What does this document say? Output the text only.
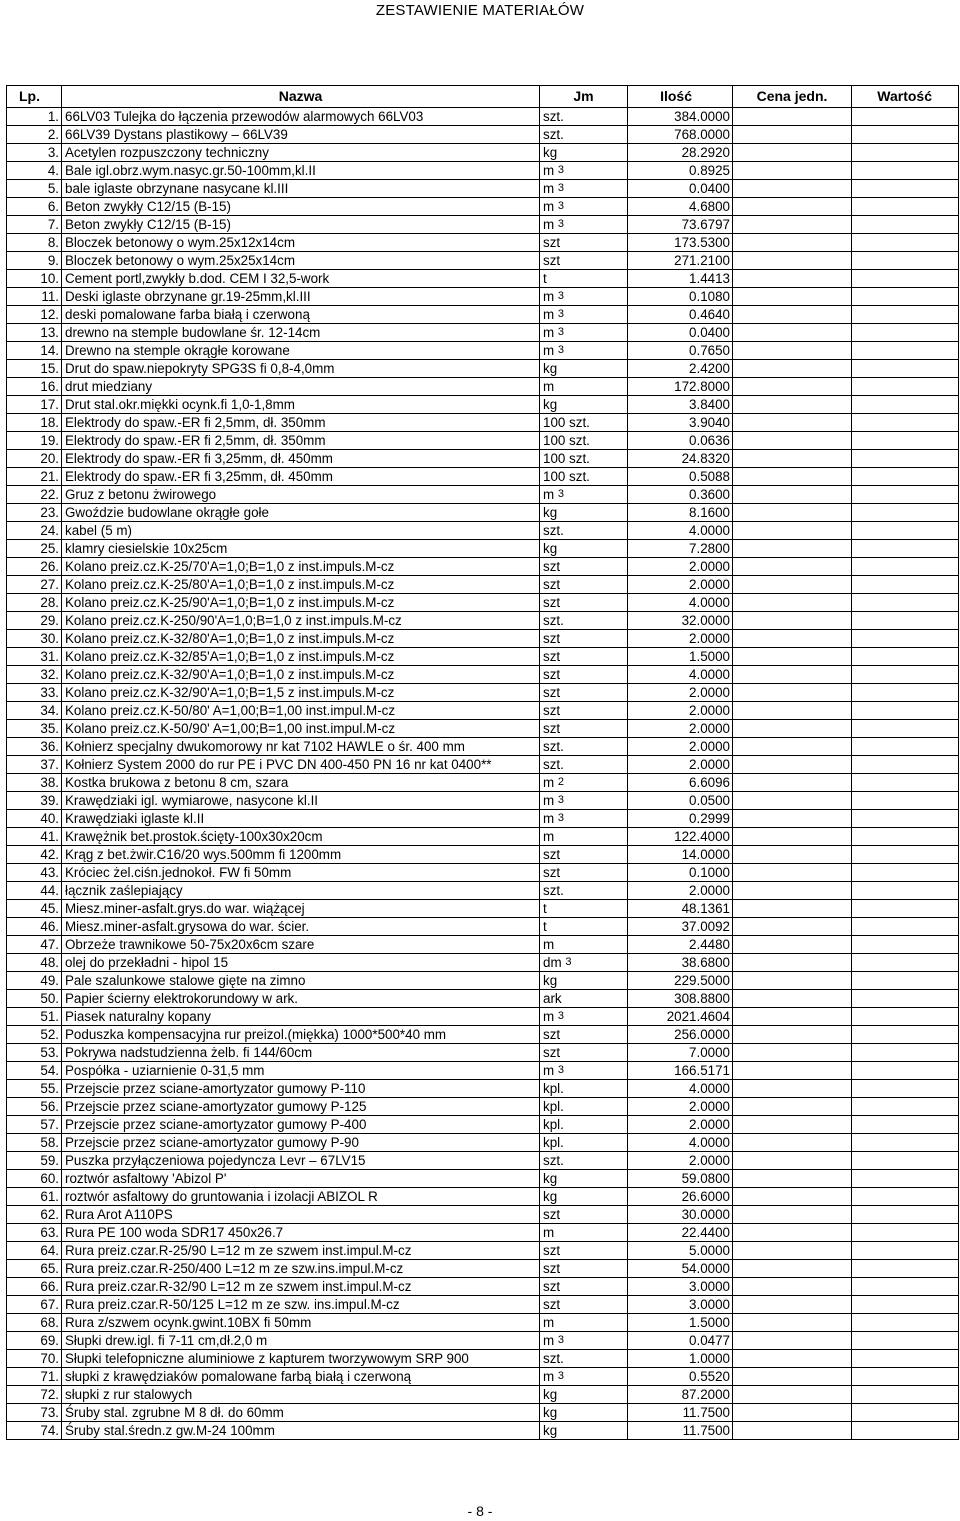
ZESTAWIENIE MATERIAŁÓW
Lp.	Nazwa	Jm	Ilość	Cena jedn.	Wartość
1.	66LV03 Tulejka do łączenia przewodów alarmowych 66LV03	szt.	384.0000		
2.	66LV39 Dystans plastikowy – 66LV39	szt.	768.0000		
3.	Acetylen rozpuszczony techniczny	kg	28.2920		
4.	Bale igl.obrz.wym.nasyc.gr.50-100mm,kl.II	m 3	0.8925		
5.	bale iglaste obrzynane nasycane kl.III	m 3	0.0400		
6.	Beton zwykły C12/15 (B-15)	m 3	4.6800		
7.	Beton zwykły C12/15 (B-15)	m 3	73.6797		
8.	Bloczek betonowy o wym.25x12x14cm	szt	173.5300		
9.	Bloczek betonowy o wym.25x25x14cm	szt	271.2100		
10.	Cement portl,zwykły b.dod. CEM I 32,5-work	t	1.4413		
11.	Deski iglaste obrzynane gr.19-25mm,kl.III	m 3	0.1080		
12.	deski pomalowane farba białą i czerwoną	m 3	0.4640		
13.	drewno na stemple budowlane śr. 12-14cm	m 3	0.0400		
14.	Drewno na stemple okrągłe korowane	m 3	0.7650		
15.	Drut do spaw.niepokryty SPG3S fi 0,8-4,0mm	kg	2.4200		
16.	drut miedziany	m	172.8000		
17.	Drut stal.okr.miękki ocynk.fi 1,0-1,8mm	kg	3.8400		
18.	Elektrody do spaw.-ER fi 2,5mm, dł. 350mm	100 szt.	3.9040		
19.	Elektrody do spaw.-ER fi 2,5mm, dł. 350mm	100 szt.	0.0636		
20.	Elektrody do spaw.-ER fi 3,25mm, dł. 450mm	100 szt.	24.8320		
21.	Elektrody do spaw.-ER fi 3,25mm, dł. 450mm	100 szt.	0.5088		
22.	Gruz z betonu żwirowego	m 3	0.3600		
23.	Gwoździe budowlane okrągłe gołe	kg	8.1600		
24.	kabel (5 m)	szt.	4.0000		
25.	klamry ciesielskie 10x25cm	kg	7.2800		
26.	Kolano preiz.cz.K-25/70'A=1,0;B=1,0 z inst.impuls.M-cz	szt	2.0000		
27.	Kolano preiz.cz.K-25/80'A=1,0;B=1,0 z inst.impuls.M-cz	szt	2.0000		
28.	Kolano preiz.cz.K-25/90'A=1,0;B=1,0 z inst.impuls.M-cz	szt	4.0000		
29.	Kolano preiz.cz.K-250/90'A=1,0;B=1,0 z inst.impuls.M-cz	szt.	32.0000		
30.	Kolano preiz.cz.K-32/80'A=1,0;B=1,0 z inst.impuls.M-cz	szt	2.0000		
31.	Kolano preiz.cz.K-32/85'A=1,0;B=1,0 z inst.impuls.M-cz	szt	1.5000		
32.	Kolano preiz.cz.K-32/90'A=1,0;B=1,0 z inst.impuls.M-cz	szt	4.0000		
33.	Kolano preiz.cz.K-32/90'A=1,0;B=1,5 z inst.impuls.M-cz	szt	2.0000		
34.	Kolano preiz.cz.K-50/80' A=1,00;B=1,00 inst.impul.M-cz	szt	2.0000		
35.	Kolano preiz.cz.K-50/90' A=1,00;B=1,00 inst.impul.M-cz	szt	2.0000		
36.	Kołnierz specjalny dwukomorowy nr kat 7102 HAWLE o śr. 400 mm	szt.	2.0000		
37.	Kołnierz System 2000 do rur PE i PVC DN 400-450 PN 16 nr kat 0400**	szt.	2.0000		
38.	Kostka brukowa z betonu 8 cm, szara	m 2	6.6096		
39.	Krawędziaki igl. wymiarowe, nasycone kl.II	m 3	0.0500		
40.	Krawędziaki iglaste kl.II	m 3	0.2999		
41.	Krawężnik bet.prostok.ścięty-100x30x20cm	m	122.4000		
42.	Krąg z bet.żwir.C16/20 wys.500mm fi 1200mm	szt	14.0000		
43.	Króciec żel.ciśn.jednokoł. FW fi 50mm	szt	0.1000		
44.	łącznik zaślepiający	szt.	2.0000		
45.	Miesz.miner-asfalt.grys.do war. wiążącej	t	48.1361		
46.	Miesz.miner-asfalt.grysowa do war. ścier.	t	37.0092		
47.	Obrzeże trawnikowe 50-75x20x6cm szare	m	2.4480		
48.	olej do przekładni - hipol 15	dm 3	38.6800		
49.	Pale szalunkowe stalowe gięte na zimno	kg	229.5000		
50.	Papier ścierny elektrokorundowy w ark.	ark	308.8800		
51.	Piasek naturalny kopany	m 3	2021.4604		
52.	Poduszka kompensacyjna rur preizol.(miękka) 1000*500*40 mm	szt	256.0000		
53.	Pokrywa nadstudzienna żelb. fi 144/60cm	szt	7.0000		
54.	Pospółka - uziarnienie 0-31,5 mm	m 3	166.5171		
55.	Przejscie przez sciane-amortyzator gumowy P-110	kpl.	4.0000		
56.	Przejscie przez sciane-amortyzator gumowy P-125	kpl.	2.0000		
57.	Przejscie przez sciane-amortyzator gumowy P-400	kpl.	2.0000		
58.	Przejscie przez sciane-amortyzator gumowy P-90	kpl.	4.0000		
59.	Puszka przyłączeniowa pojedyncza Levr – 67LV15	szt.	2.0000		
60.	roztwór asfaltowy 'Abizol P'	kg	59.0800		
61.	roztwór asfaltowy do gruntowania i izolacji ABIZOL R	kg	26.6000		
62.	Rura Arot A110PS	szt	30.0000		
63.	Rura PE 100 woda SDR17 450x26.7	m	22.4400		
64.	Rura preiz.czar.R-25/90 L=12 m ze szwem inst.impul.M-cz	szt	5.0000		
65.	Rura preiz.czar.R-250/400 L=12 m ze szw.ins.impul.M-cz	szt	54.0000		
66.	Rura preiz.czar.R-32/90 L=12 m ze szwem inst.impul.M-cz	szt	3.0000		
67.	Rura preiz.czar.R-50/125 L=12 m ze szw. ins.impul.M-cz	szt	3.0000		
68.	Rura z/szwem ocynk.gwint.10BX fi 50mm	m	1.5000		
69.	Słupki drew.igl. fi 7-11 cm,dł.2,0 m	m 3	0.0477		
70.	Słupki telefopniczne aluminiowe z kapturem tworzywowym SRP 900	szt.	1.0000		
71.	słupki z krawędziaków pomalowane farbą białą i czerwoną	m 3	0.5520		
72.	słupki z rur stalowych	kg	87.2000		
73.	Śruby stal. zgrubne M 8 dł. do 60mm	kg	11.7500		
74.	Śruby stal.średn.z gw.M-24 100mm	kg	11.7500		
- 8 -
